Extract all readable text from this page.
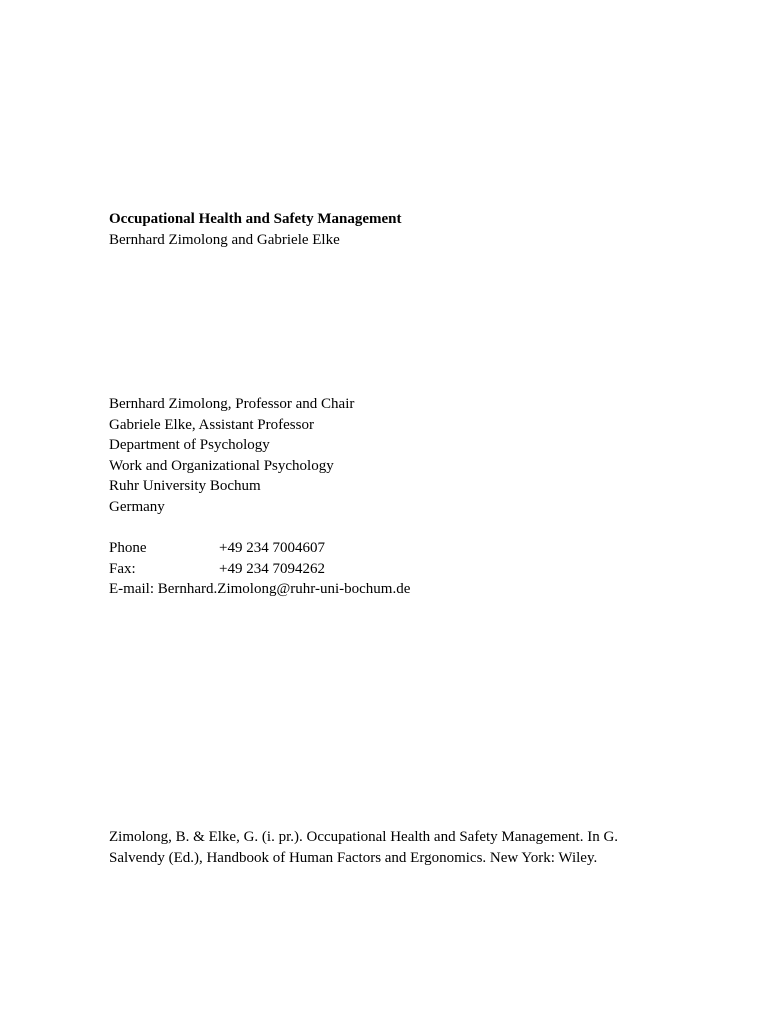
Occupational Health and Safety Management
Bernhard Zimolong and Gabriele Elke
Bernhard Zimolong, Professor and Chair
Gabriele Elke, Assistant Professor
Department of Psychology
Work and Organizational Psychology
Ruhr University Bochum
Germany
Phone	+49 234 7004607
Fax:	+49 234 7094262
E-mail: Bernhard.Zimolong@ruhr-uni-bochum.de
Zimolong, B. & Elke, G. (i. pr.). Occupational Health and Safety Management. In G.
Salvendy (Ed.), Handbook of Human Factors and Ergonomics. New York: Wiley.
